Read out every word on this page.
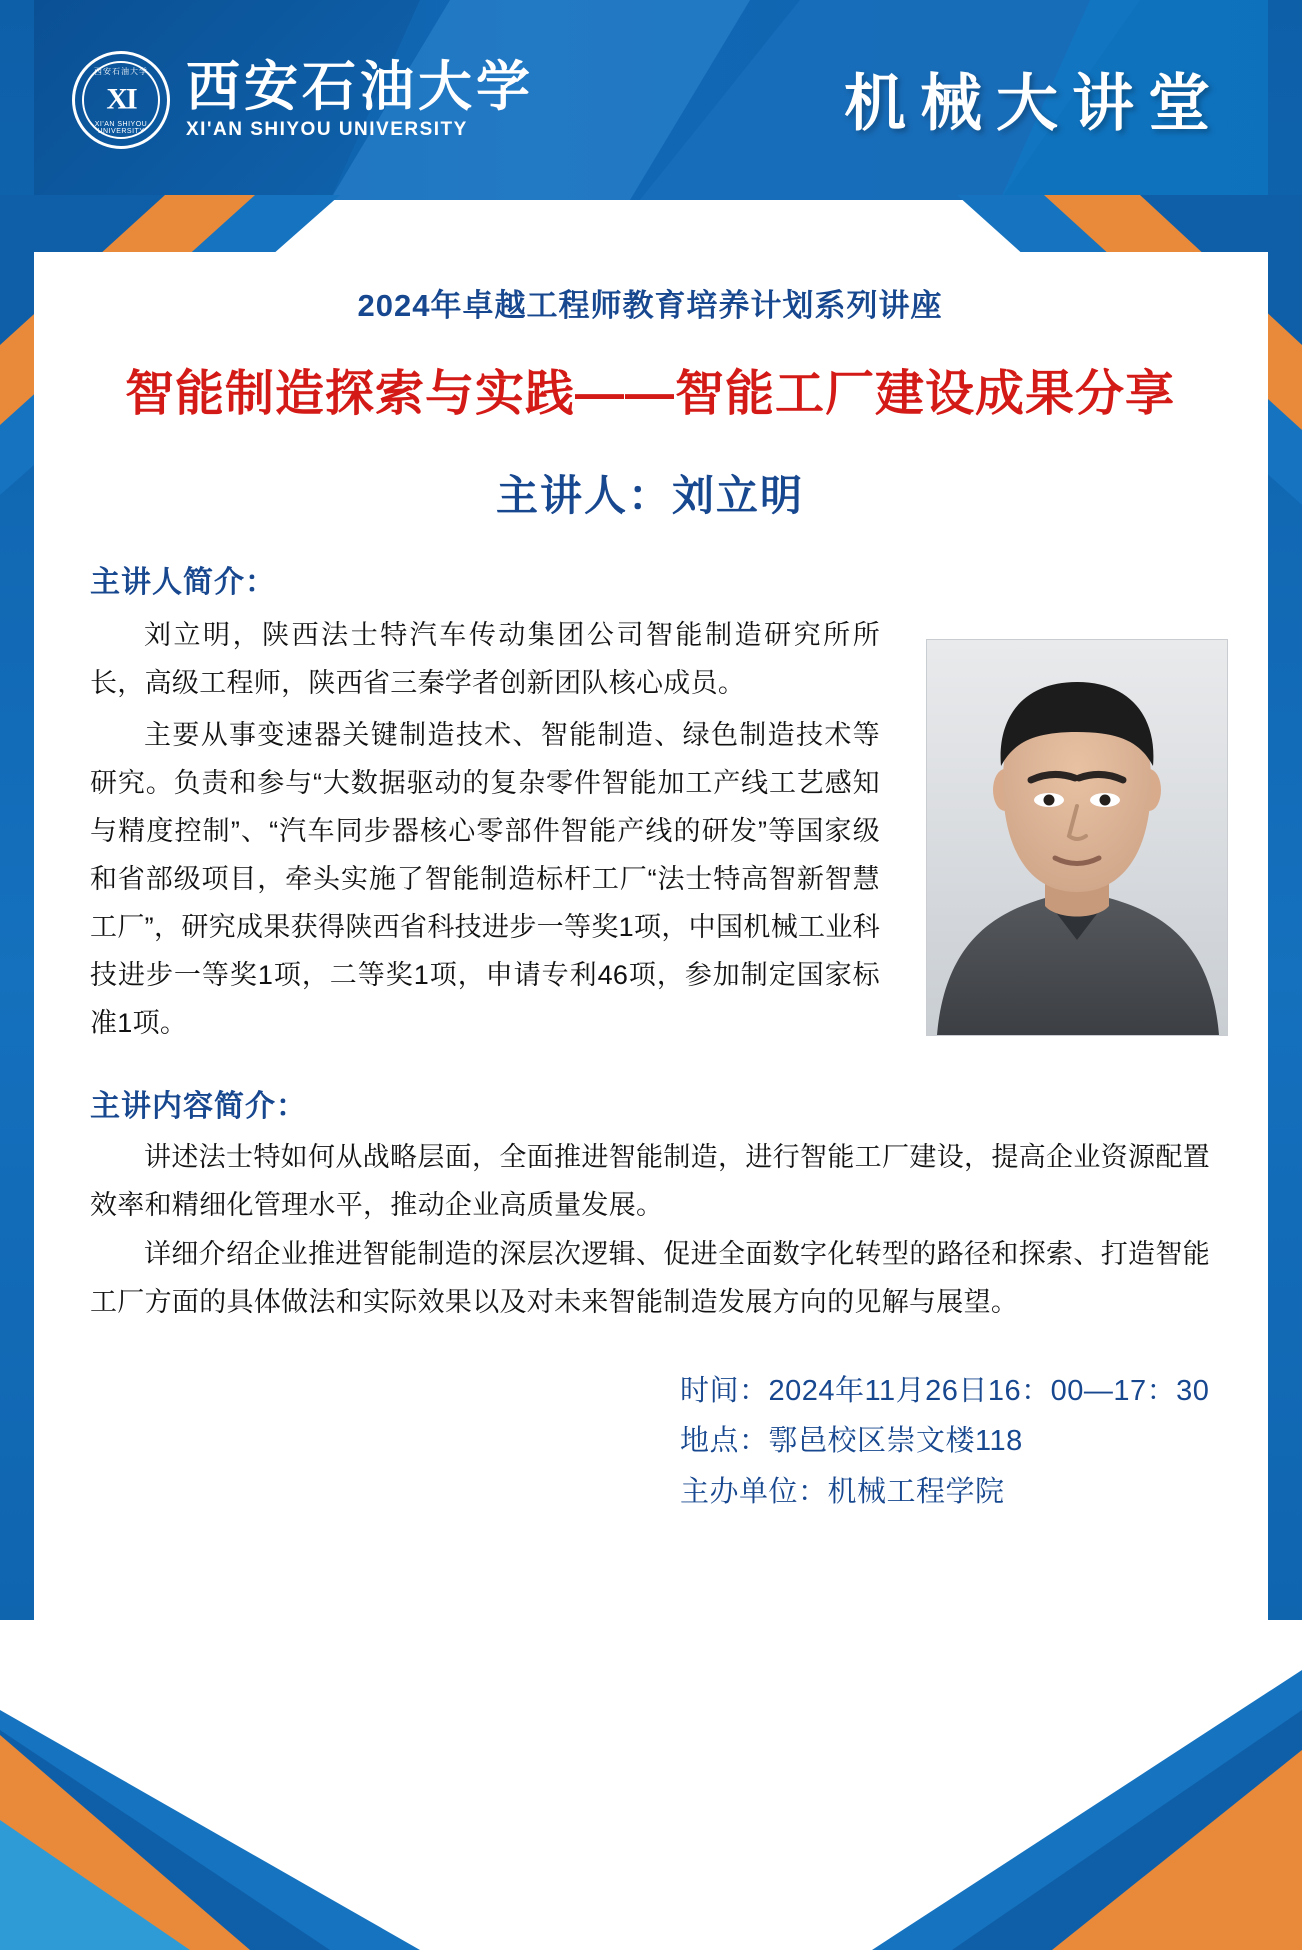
西安石油大学
XI
XI'AN SHIYOU UNIVERSITY
西安石油大学
XI'AN SHIYOU UNIVERSITY	机械大讲堂
2024年卓越工程师教育培养计划系列讲座
智能制造探索与实践——智能工厂建设成果分享
主讲人：刘立明
主讲人简介：
刘立明，陕西法士特汽车传动集团公司智能制造研究所所长，高级工程师，陕西省三秦学者创新团队核心成员。
主要从事变速器关键制造技术、智能制造、绿色制造技术等研究。负责和参与“大数据驱动的复杂零件智能加工产线工艺感知与精度控制”、“汽车同步器核心零部件智能产线的研发”等国家级和省部级项目，牵头实施了智能制造标杆工厂“法士特高智新智慧工厂”，研究成果获得陕西省科技进步一等奖1项，中国机械工业科技进步一等奖1项，二等奖1项，申请专利46项，参加制定国家标准1项。
主讲内容简介：
讲述法士特如何从战略层面，全面推进智能制造，进行智能工厂建设，提高企业资源配置效率和精细化管理水平，推动企业高质量发展。
详细介绍企业推进智能制造的深层次逻辑、促进全面数字化转型的路径和探索、打造智能工厂方面的具体做法和实际效果以及对未来智能制造发展方向的见解与展望。
时间：2024年11月26日16：00—17：30
地点：鄠邑校区崇文楼118
主办单位：机械工程学院
